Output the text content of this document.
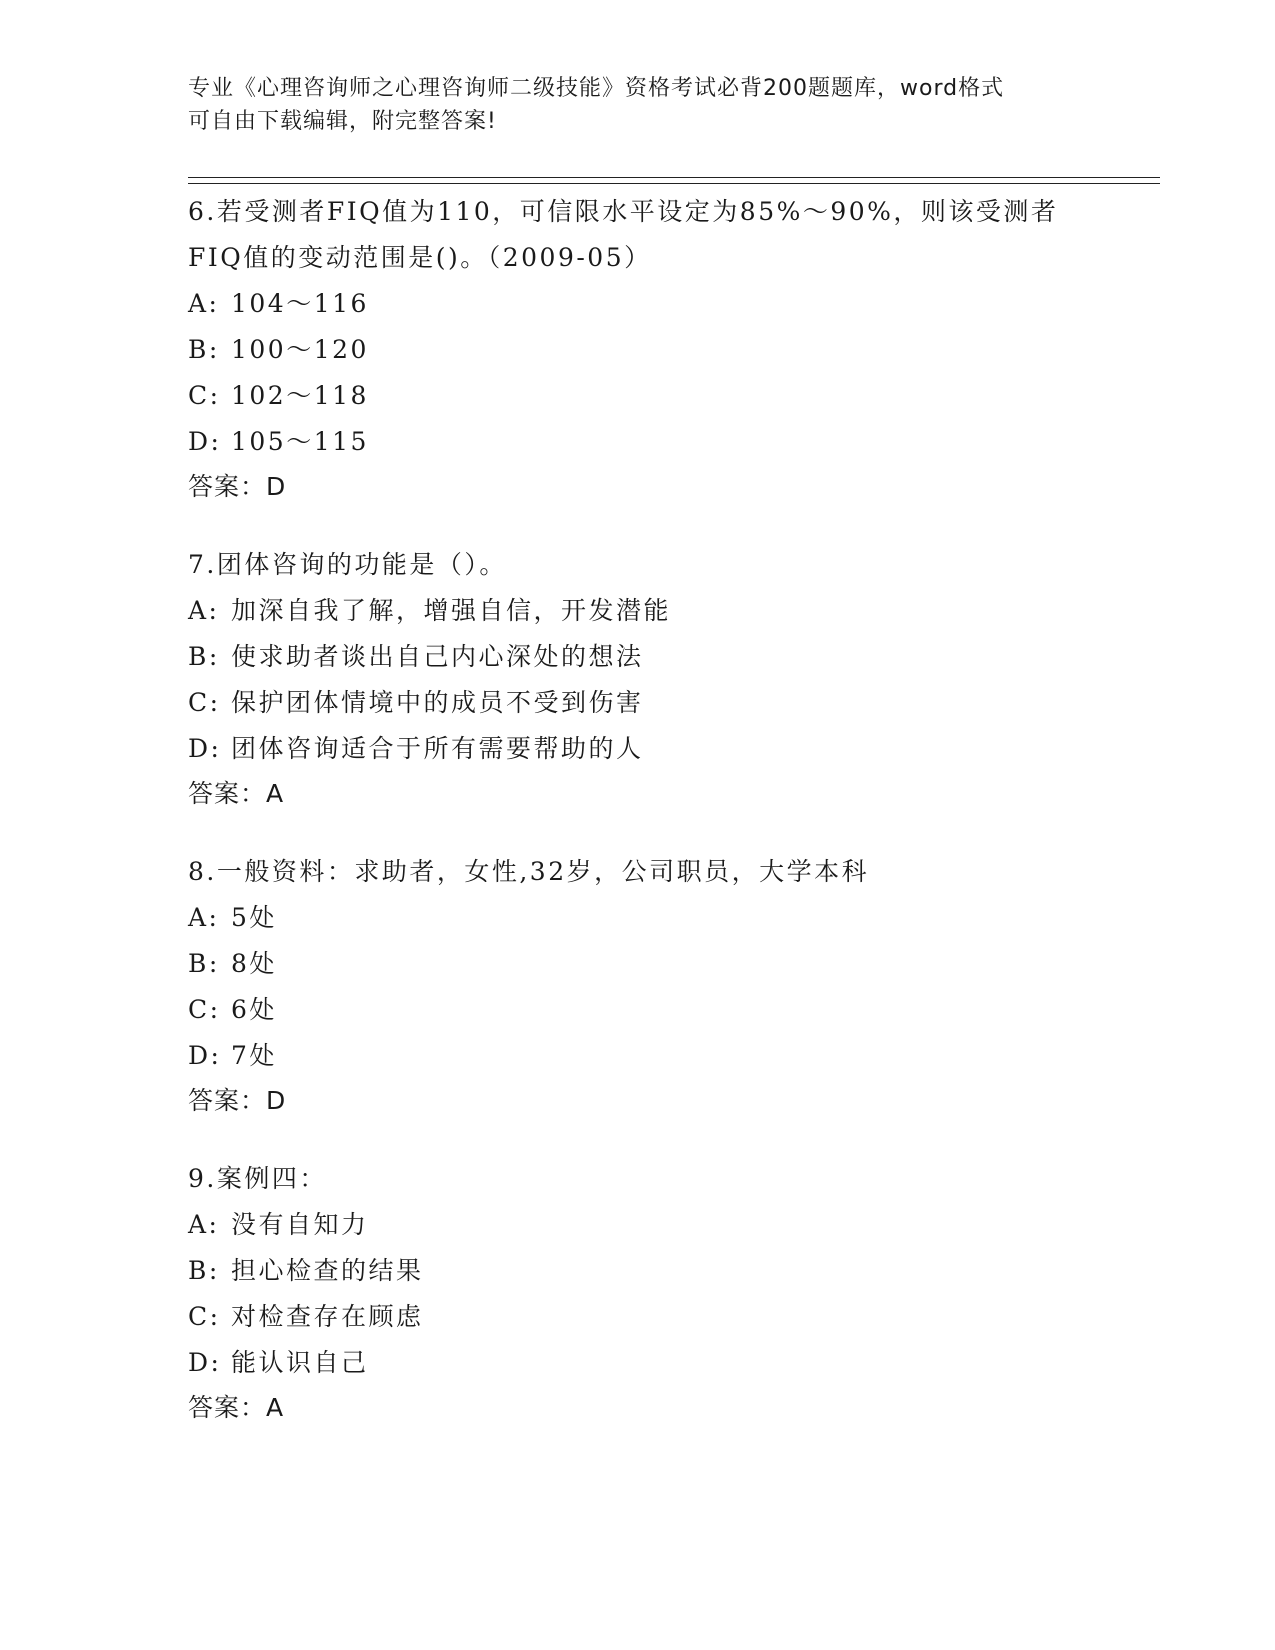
专业《心理咨询师之心理咨询师二级技能》资格考试必背200题题库，word格式
可自由下载编辑，附完整答案!
6.若受测者FIQ值为110，可信限水平设定为85%～90%，则该受测者
FIQ值的变动范围是()。（2009-05）
A: 104～116
B: 100～120
C: 102～118
D: 105～115
答案：D
7.团体咨询的功能是（）。
A: 加深自我了解，增强自信，开发潜能
B: 使求助者谈出自己内心深处的想法
C: 保护团体情境中的成员不受到伤害
D: 团体咨询适合于所有需要帮助的人
答案：A
8.一般资料：求助者，女性,32岁，公司职员，大学本科
A: 5处
B: 8处
C: 6处
D: 7处
答案：D
9.案例四：
A: 没有自知力
B: 担心检查的结果
C: 对检查存在顾虑
D: 能认识自己
答案：A
